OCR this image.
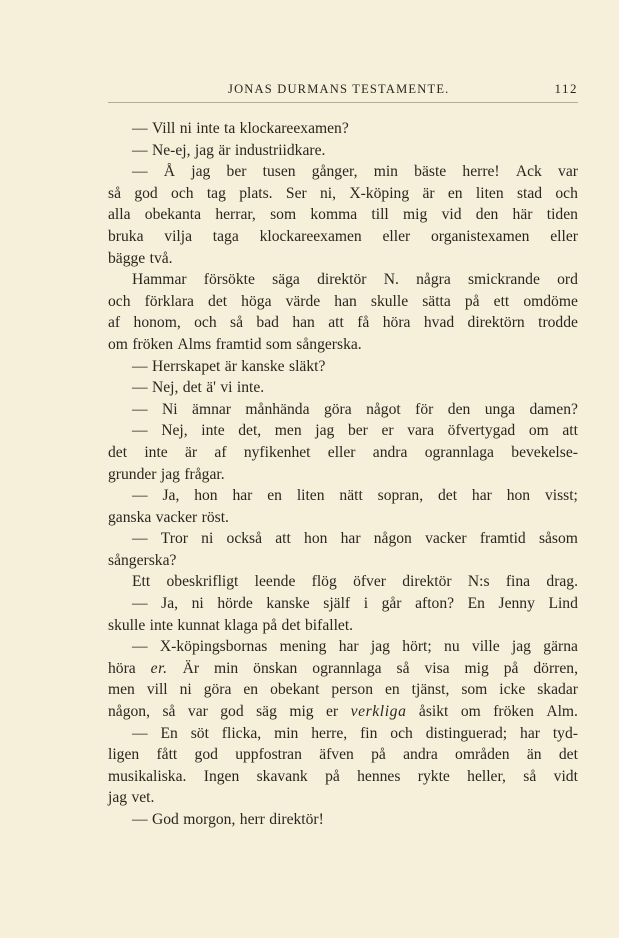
JONAS DURMANS TESTAMENTE.	112
— Vill ni inte ta klockareexamen?
— Ne-ej, jag är industriidkare.
— Å jag ber tusen gånger, min bäste herre! Ack var
så god och tag plats. Ser ni, X-köping är en liten stad och
alla obekanta herrar, som komma till mig vid den här tiden
bruka vilja taga klockareexamen eller organistexamen eller
bägge två.
Hammar försökte säga direktör N. några smickrande ord
och förklara det höga värde han skulle sätta på ett omdöme
af honom, och så bad han att få höra hvad direktörn trodde
om fröken Alms framtid som sångerska.
— Herrskapet är kanske släkt?
— Nej, det ä' vi inte.
— Ni ämnar månhända göra något för den unga damen?
— Nej, inte det, men jag ber er vara öfvertygad om att
det inte är af nyfikenhet eller andra ogrannlaga bevekelse-
grunder jag frågar.
— Ja, hon har en liten nätt sopran, det har hon visst;
ganska vacker röst.
— Tror ni också att hon har någon vacker framtid såsom
sångerska?
Ett obeskrifligt leende flög öfver direktör N:s fina drag.
— Ja, ni hörde kanske själf i går afton? En Jenny Lind
skulle inte kunnat klaga på det bifallet.
— X-köpingsbornas mening har jag hört; nu ville jag gärna
höra er. Är min önskan ogrannlaga så visa mig på dörren,
men vill ni göra en obekant person en tjänst, som icke skadar
någon, så var god säg mig er verkliga åsikt om fröken Alm.
— En söt flicka, min herre, fin och distinguerad; har tyd-
ligen fått god uppfostran äfven på andra områden än det
musikaliska. Ingen skavank på hennes rykte heller, så vidt
jag vet.
— God morgon, herr direktör!
